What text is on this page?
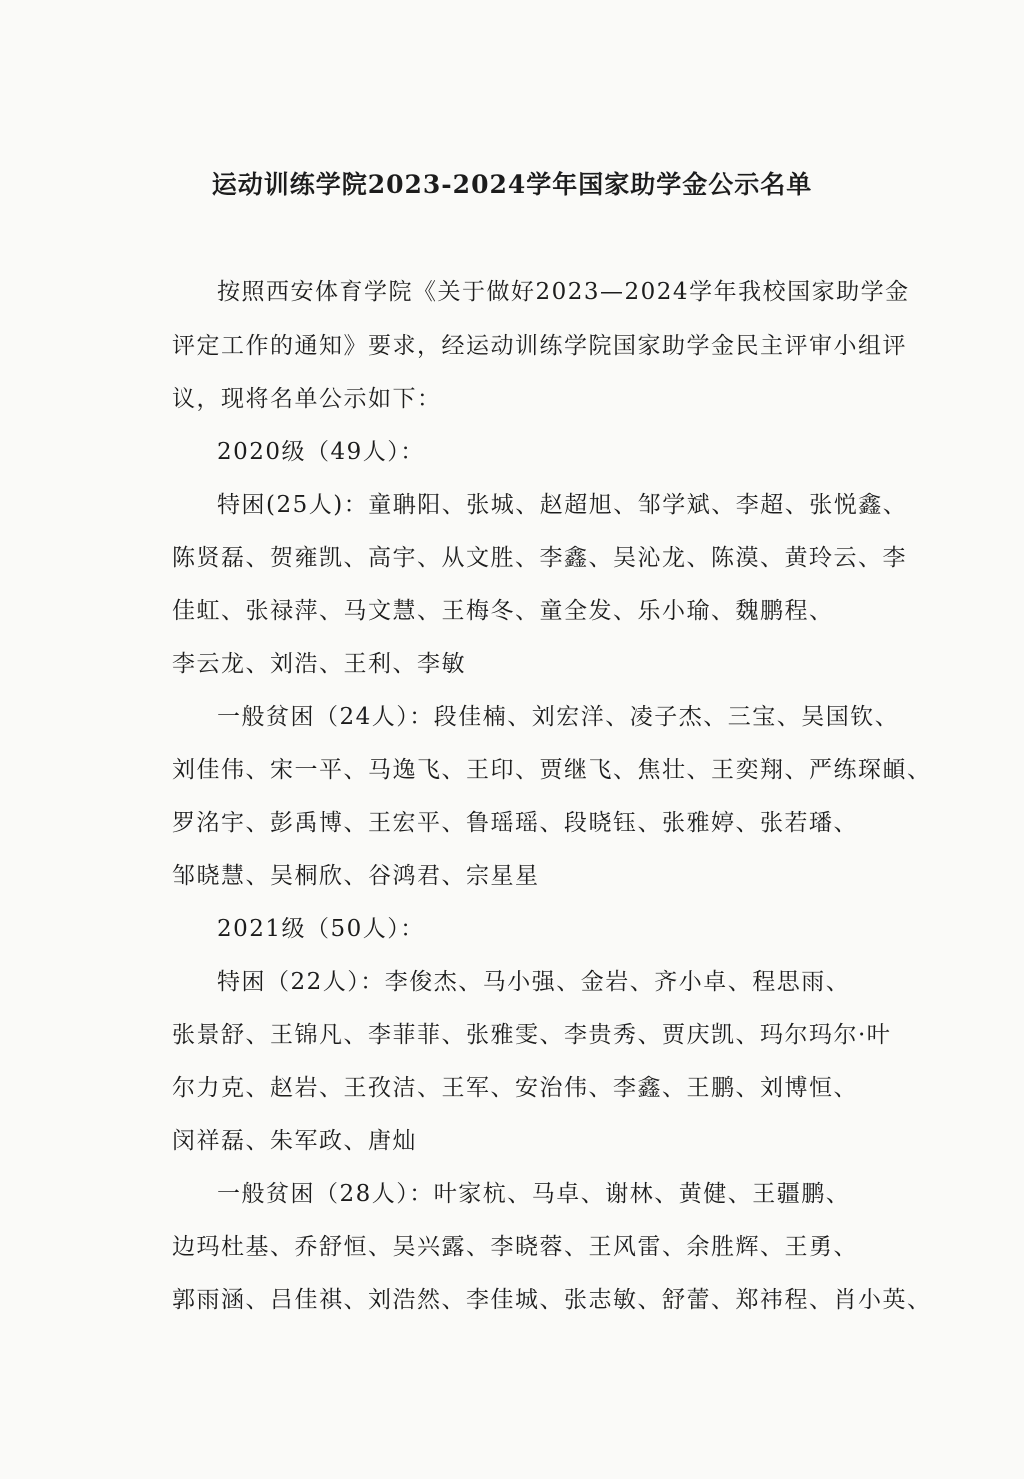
运动训练学院2023-2024学年国家助学金公示名单
按照西安体育学院《关于做好2023—2024学年我校国家助学金
评定工作的通知》要求，经运动训练学院国家助学金民主评审小组评
议，现将名单公示如下：
2020级（49人）：
特困(25人)：童聃阳、张城、赵超旭、邹学斌、李超、张悦鑫、
陈贤磊、贺雍凯、高宇、从文胜、李鑫、吴沁龙、陈漠、黄玲云、李
佳虹、张禄萍、马文慧、王梅冬、童全发、乐小瑜、魏鹏程、
李云龙、刘浩、王利、李敏
一般贫困（24人）：段佳楠、刘宏洋、凌子杰、三宝、吴国钦、
刘佳伟、宋一平、马逸飞、王印、贾继飞、焦壮、王奕翔、严练琛頔、
罗洺宇、彭禹博、王宏平、鲁瑶瑶、段晓钰、张雅婷、张若璠、
邹晓慧、吴桐欣、谷鸿君、宗星星
2021级（50人）：
特困（22人）：李俊杰、马小强、金岩、齐小卓、程思雨、
张景舒、王锦凡、李菲菲、张雅雯、李贵秀、贾庆凯、玛尔玛尔·叶
尔力克、赵岩、王孜洁、王军、安治伟、李鑫、王鹏、刘博恒、
闵祥磊、朱军政、唐灿
一般贫困（28人）：叶家杭、马卓、谢林、黄健、王疆鹏、
边玛杜基、乔舒恒、吴兴露、李晓蓉、王风雷、余胜辉、王勇、
郭雨涵、吕佳祺、刘浩然、李佳城、张志敏、舒蕾、郑祎程、肖小英、
